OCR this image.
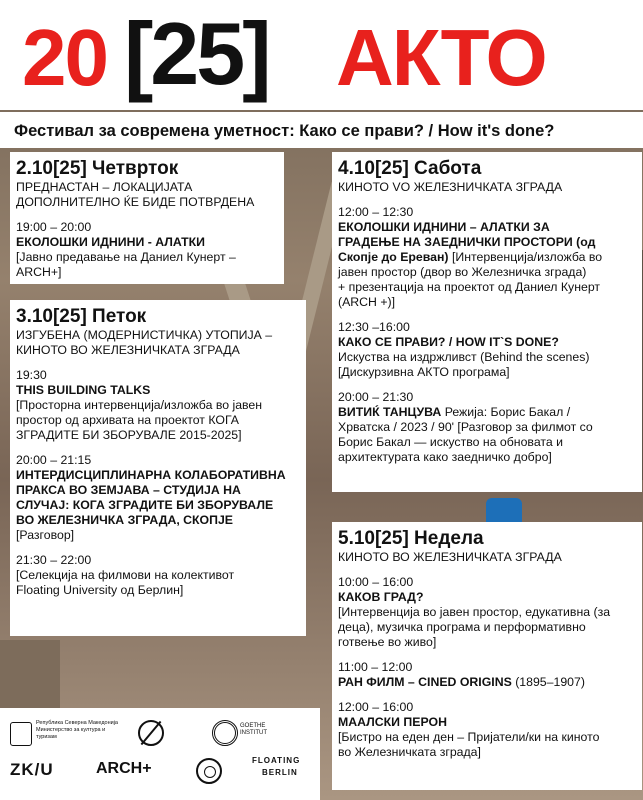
20 [25] АКТО
Фестивал за современа уметност: Како се прави? / How it's done?
2.10[25] Четврток
ПРЕДНАСТАН – ЛОКАЦИЈАТА
ДОПОЛНИТЕЛНО ЌЕ БИДЕ ПОТВРДЕНА
19:00 – 20:00
ЕКОЛОШКИ ИДНИНИ - АЛАТКИ
[Јавно предавање на Даниел Кунерт – ARCH+]
3.10[25] Петок
ИЗГУБЕНА (МОДЕРНИСТИЧКА) УТОПИЈА –
КИНОТО ВО ЖЕЛЕЗНИЧКАТА ЗГРАДА
19:30
THIS BUILDING TALKS
[Просторна интервенција/изложба во јавен
простор од архивата на проектот КОГА
ЗГРАДИТЕ БИ ЗБОРУВАЛЕ 2015-2025]
20:00 – 21:15
ИНТЕРДИСЦИПЛИНАРНА КОЛАБОРАТИВНА
ПРАКСА ВО ЗЕМЈАВА – СТУДИЈА НА
СЛУЧАЈ: КОГА ЗГРАДИТЕ БИ ЗБОРУВАЛЕ
ВО ЖЕЛЕЗНИЧКА ЗГРАДА, СКОПЈЕ
[Разговор]
21:30 – 22:00
[Селекција на филмови на колективот
Floating University од Берлин]
4.10[25] Сабота
КИНОТО VO ЖЕЛЕЗНИЧКАТА ЗГРАДА
12:00 – 12:30
ЕКОЛОШКИ ИДНИНИ – АЛАТКИ ЗА
ГРАДЕЊЕ НА ЗАЕДНИЧКИ ПРОСТОРИ (од
Скопје до Ереван) [Интервенција/изложба во
јавен простор (двор во Железничка зграда)
+ презентација на проектот од Даниел Кунерт
(ARCH +)]
12:30 –16:00
КАКО СЕ ПРАВИ? / HOW IT`S DONE?
Искуства на издржливст (Behind the scenes)
[Дискурзивна АКТО програма]
20:00 – 21:30
ВИТИЌ ТАНЦУВА Режија: Борис Бакал /
Хрватска / 2023 / 90' [Разговор за филмот со
Борис Бакал — искуство на обновата и
архитектурата како заедничко добро]
5.10[25] Недела
КИНОТО ВО ЖЕЛЕЗНИЧКАТА ЗГРАДА
10:00 – 16:00
КАКОВ ГРАД?
[Интервенција во јавен простор, едукативна (за
деца), музичка програма и перформативно
готвење во живо]
11:00 – 12:00
РАН ФИЛМ – CINED ORIGINS (1895–1907)
12:00 – 16:00
МААЛСКИ ПЕРОН
[Бистро на еден ден – Пријатели/ки на киното
во Железничката зграда]
Република Северна Македонија Министерство за култура и туризам
GOETHE INSTITUT
ZK/U	ARCH+	FLOATING
BERLIN
